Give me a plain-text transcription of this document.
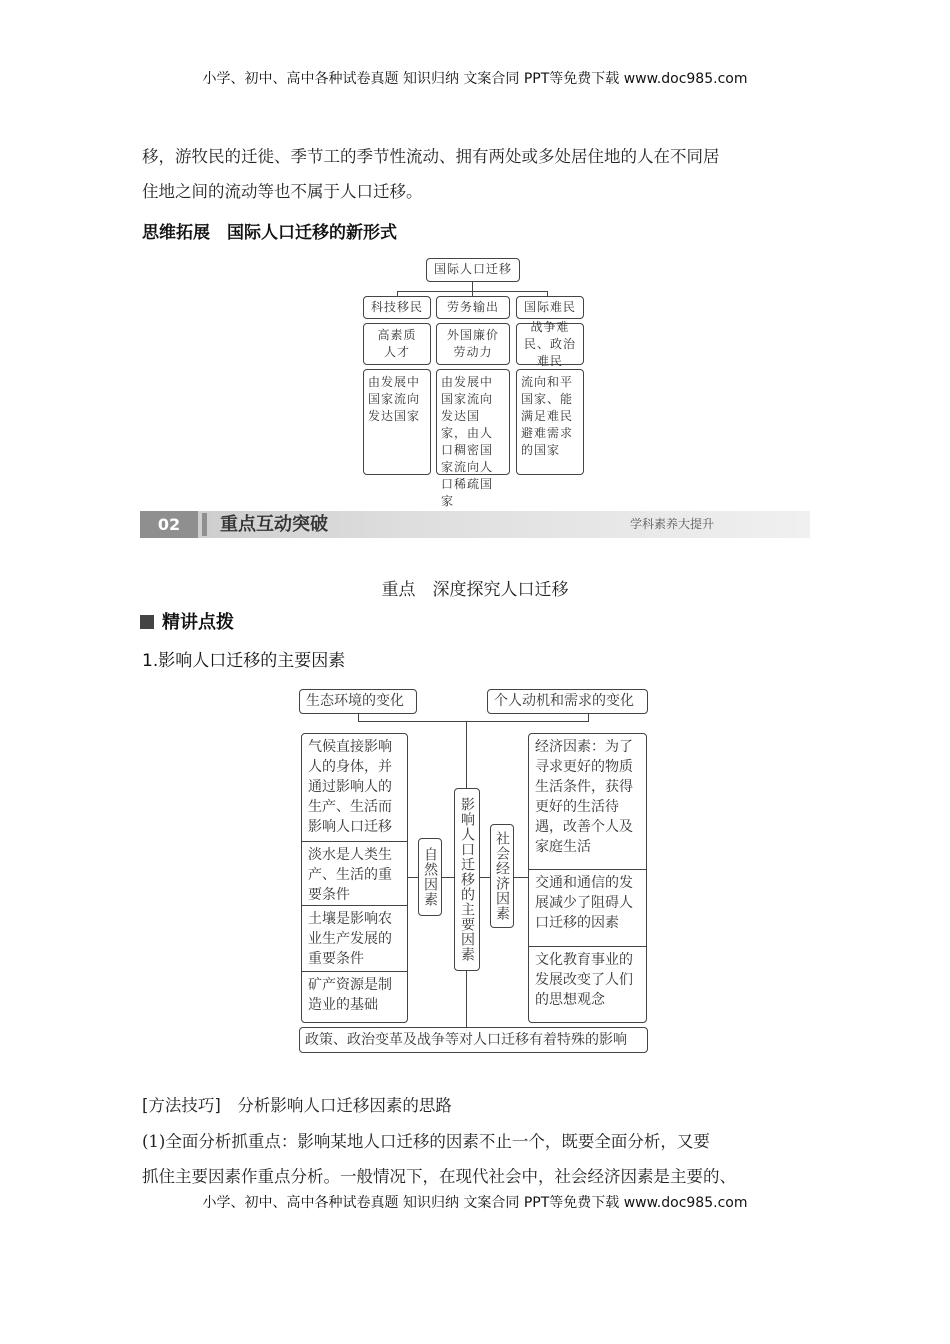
小学、初中、高中各种试卷真题 知识归纳 文案合同 PPT等免费下载 www.doc985.com
移，游牧民的迁徙、季节工的季节性流动、拥有两处或多处居住地的人在不同居
住地之间的流动等也不属于人口迁移。
思维拓展　国际人口迁移的新形式
国际人口迁移
科技移民	劳务输出	国际难民
高素质人才
外国廉价劳动力
战争难民、政治难民
由发展中国家流向发达国家
由发展中国家流向发达国家，由人口稠密国家流向人口稀疏国家
流向和平国家、能满足难民避难需求的国家
02	重点互动突破	学科素养大提升
重点　深度探究人口迁移
精讲点拨
1.影响人口迁移的主要因素
生态环境的变化	个人动机和需求的变化
影响人口迁移的主要因素
自然因素	社会经济因素
气候直接影响人的身体，并通过影响人的生产、生活而影响人口迁移
淡水是人类生产、生活的重要条件
土壤是影响农业生产发展的重要条件
矿产资源是制造业的基础
经济因素：为了寻求更好的物质生活条件，获得更好的生活待遇，改善个人及家庭生活
交通和通信的发展减少了阻碍人口迁移的因素
文化教育事业的发展改变了人们的思想观念
政策、政治变革及战争等对人口迁移有着特殊的影响
[方法技巧]　分析影响人口迁移因素的思路
(1)全面分析抓重点：影响某地人口迁移的因素不止一个，既要全面分析，又要
抓住主要因素作重点分析。一般情况下，在现代社会中，社会经济因素是主要的、
小学、初中、高中各种试卷真题 知识归纳 文案合同 PPT等免费下载 www.doc985.com
